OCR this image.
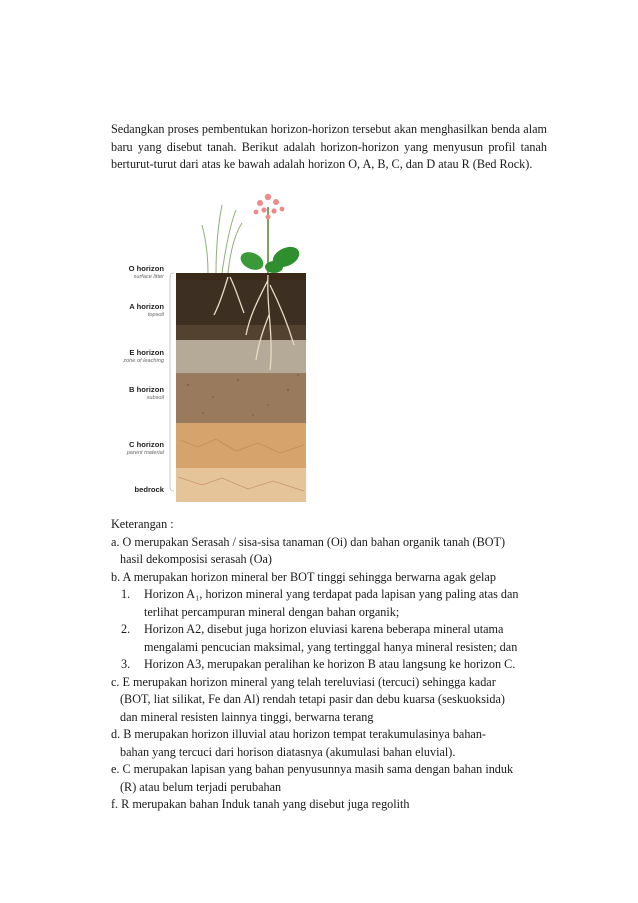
Sedangkan proses pembentukan horizon-horizon tersebut akan menghasilkan benda alam baru yang disebut tanah. Berikut adalah horizon-horizon yang menyusun profil tanah berturut-turut dari atas ke bawah adalah horizon O, A, B, C, dan D atau R (Bed Rock).

O horizon
surface litter
A horizon
topsoil
E horizon
zone of leaching
B horizon
subsoil
C horizon
parent material
bedrock

Keterangan :

a. O merupakan Serasah / sisa-sisa tanaman (Oi) dan bahan organik tanah (BOT)
hasil dekomposisi serasah (Oa)
b. A merupakan horizon mineral ber BOT tinggi sehingga berwarna agak gelap
1. Horizon A₁, horizon mineral yang terdapat pada lapisan yang paling atas dan
terlihat percampuran mineral dengan bahan organik;
2. Horizon A2, disebut juga horizon eluviasi karena beberapa mineral utama
mengalami pencucian maksimal, yang tertinggal hanya mineral resisten; dan
3. Horizon A3, merupakan peralihan ke horizon B atau langsung ke horizon C.
c. E merupakan horizon mineral yang telah tereluviasi (tercuci) sehingga kadar
(BOT, liat silikat, Fe dan Al) rendah tetapi pasir dan debu kuarsa (seskuoksida)
dan mineral resisten lainnya tinggi, berwarna terang
d. B merupakan horizon illuvial atau horizon tempat terakumulasinya bahan-
bahan yang tercuci dari horison diatasnya (akumulasi bahan eluvial).
e. C merupakan lapisan yang bahan penyusunnya masih sama dengan bahan induk
(R) atau belum terjadi perubahan
f. R merupakan bahan Induk tanah yang disebut juga regolith
